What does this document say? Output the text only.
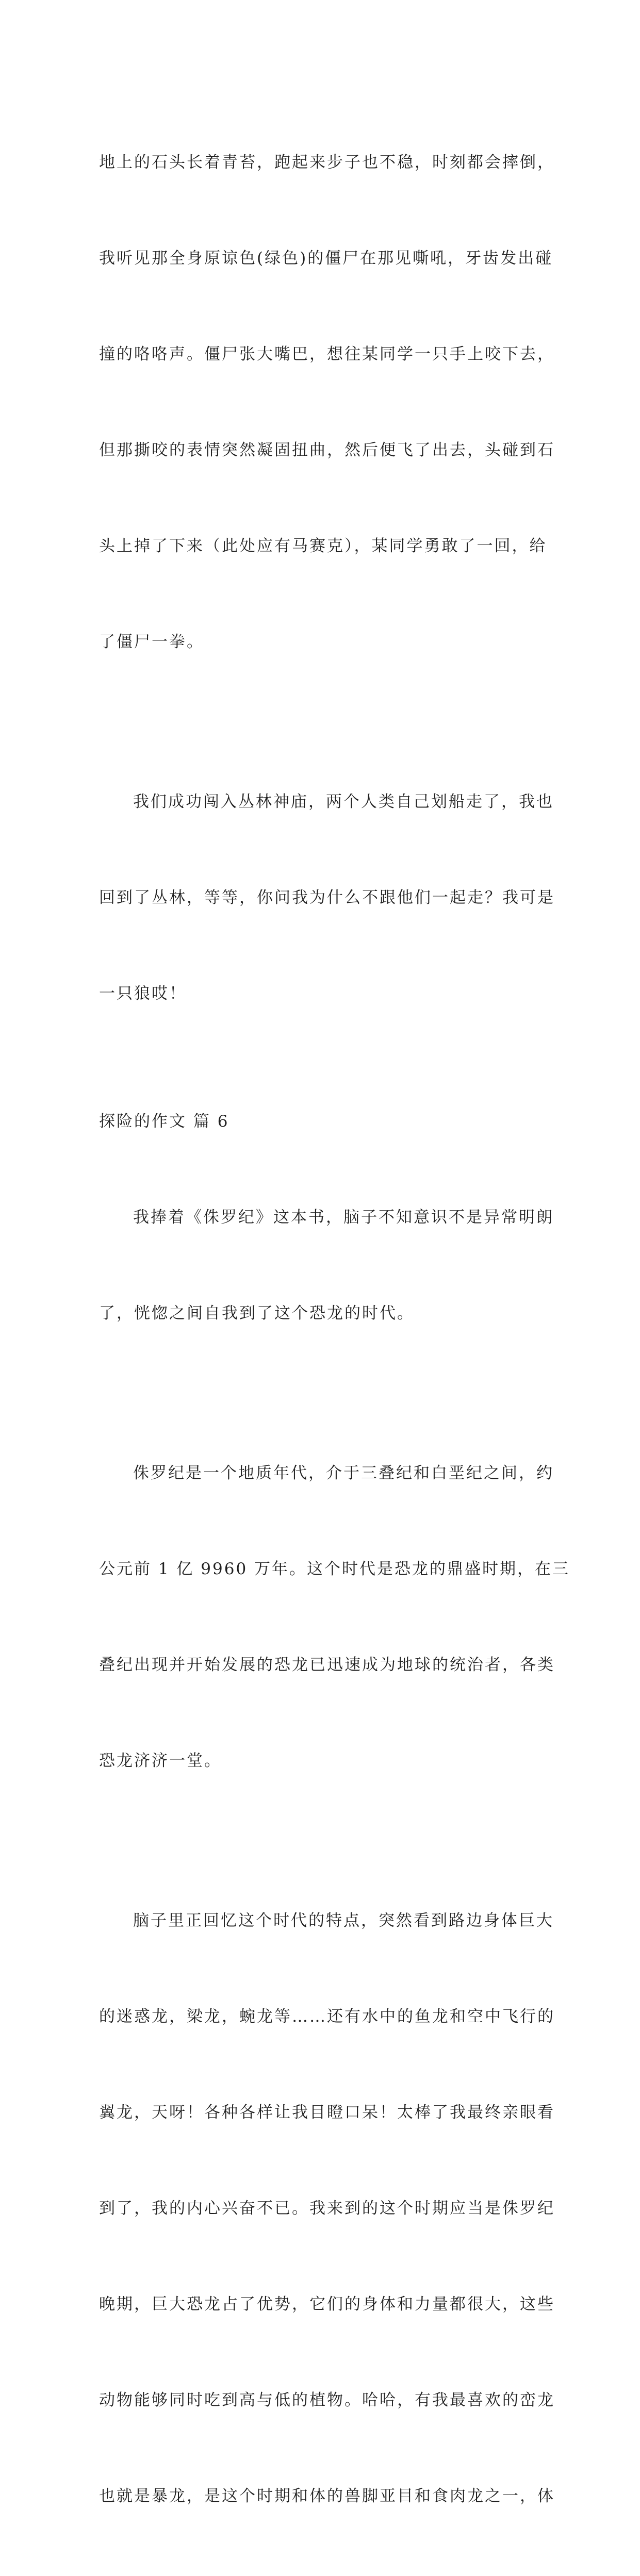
地上的石头长着青苔，跑起来步子也不稳，时刻都会摔倒，

我听见那全身原谅色(绿色)的僵尸在那见嘶吼，牙齿发出碰

撞的咯咯声。僵尸张大嘴巴，想往某同学一只手上咬下去，

但那撕咬的表情突然凝固扭曲，然后便飞了出去，头碰到石

头上掉了下来（此处应有马赛克），某同学勇敢了一回，给

了僵尸一拳。

我们成功闯入丛林神庙，两个人类自己划船走了，我也

回到了丛林，等等，你问我为什么不跟他们一起走？我可是

一只狼哎！

探险的作文 篇 6

我捧着《侏罗纪》这本书，脑子不知意识不是异常明朗

了，恍惚之间自我到了这个恐龙的时代。

侏罗纪是一个地质年代，介于三叠纪和白垩纪之间，约

公元前 1 亿 9960 万年。这个时代是恐龙的鼎盛时期，在三

叠纪出现并开始发展的恐龙已迅速成为地球的统治者，各类

恐龙济济一堂。

脑子里正回忆这个时代的特点，突然看到路边身体巨大

的迷惑龙，梁龙，蜿龙等……还有水中的鱼龙和空中飞行的

翼龙，天呀！各种各样让我目瞪口呆！太棒了我最终亲眼看

到了，我的内心兴奋不已。我来到的这个时期应当是侏罗纪

晚期，巨大恐龙占了优势，它们的身体和力量都很大，这些

动物能够同时吃到高与低的植物。哈哈，有我最喜欢的峦龙

也就是暴龙，是这个时期和体的兽脚亚目和食肉龙之一，体
